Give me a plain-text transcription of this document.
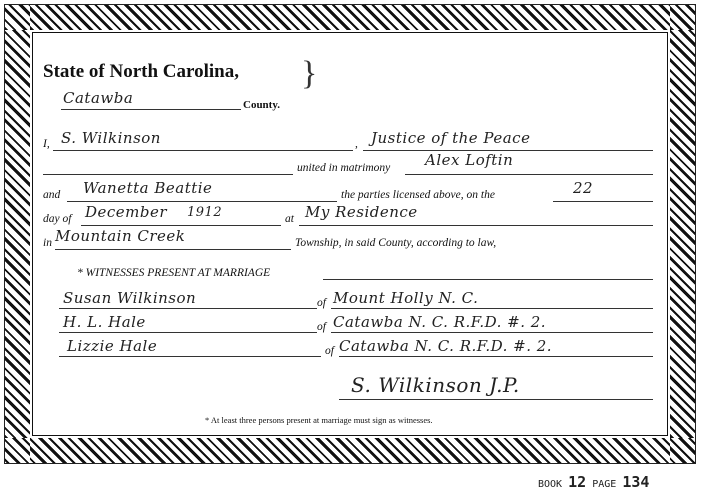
State of North Carolina, }
Catawba	County.
I, S. Wilkinson	, Justice of the Peace
united in matrimony Alex Loftin
and Wanetta Beattie	the parties licensed above, on the	22
day of December 1912	at My Residence
in Mountain Creek	Township, in said County, according to law,
* WITNESSES PRESENT AT MARRIAGE
Susan Wilkinson	of Mount Holly N. C.
H. L. Hale	of Catawba N. C. R.F.D. #. 2.
Lizzie Hale	of Catawba N. C. R.F.D. #. 2.
S. Wilkinson J.P.
* At least three persons present at marriage must sign as witnesses.
BOOK 12 PAGE 134
